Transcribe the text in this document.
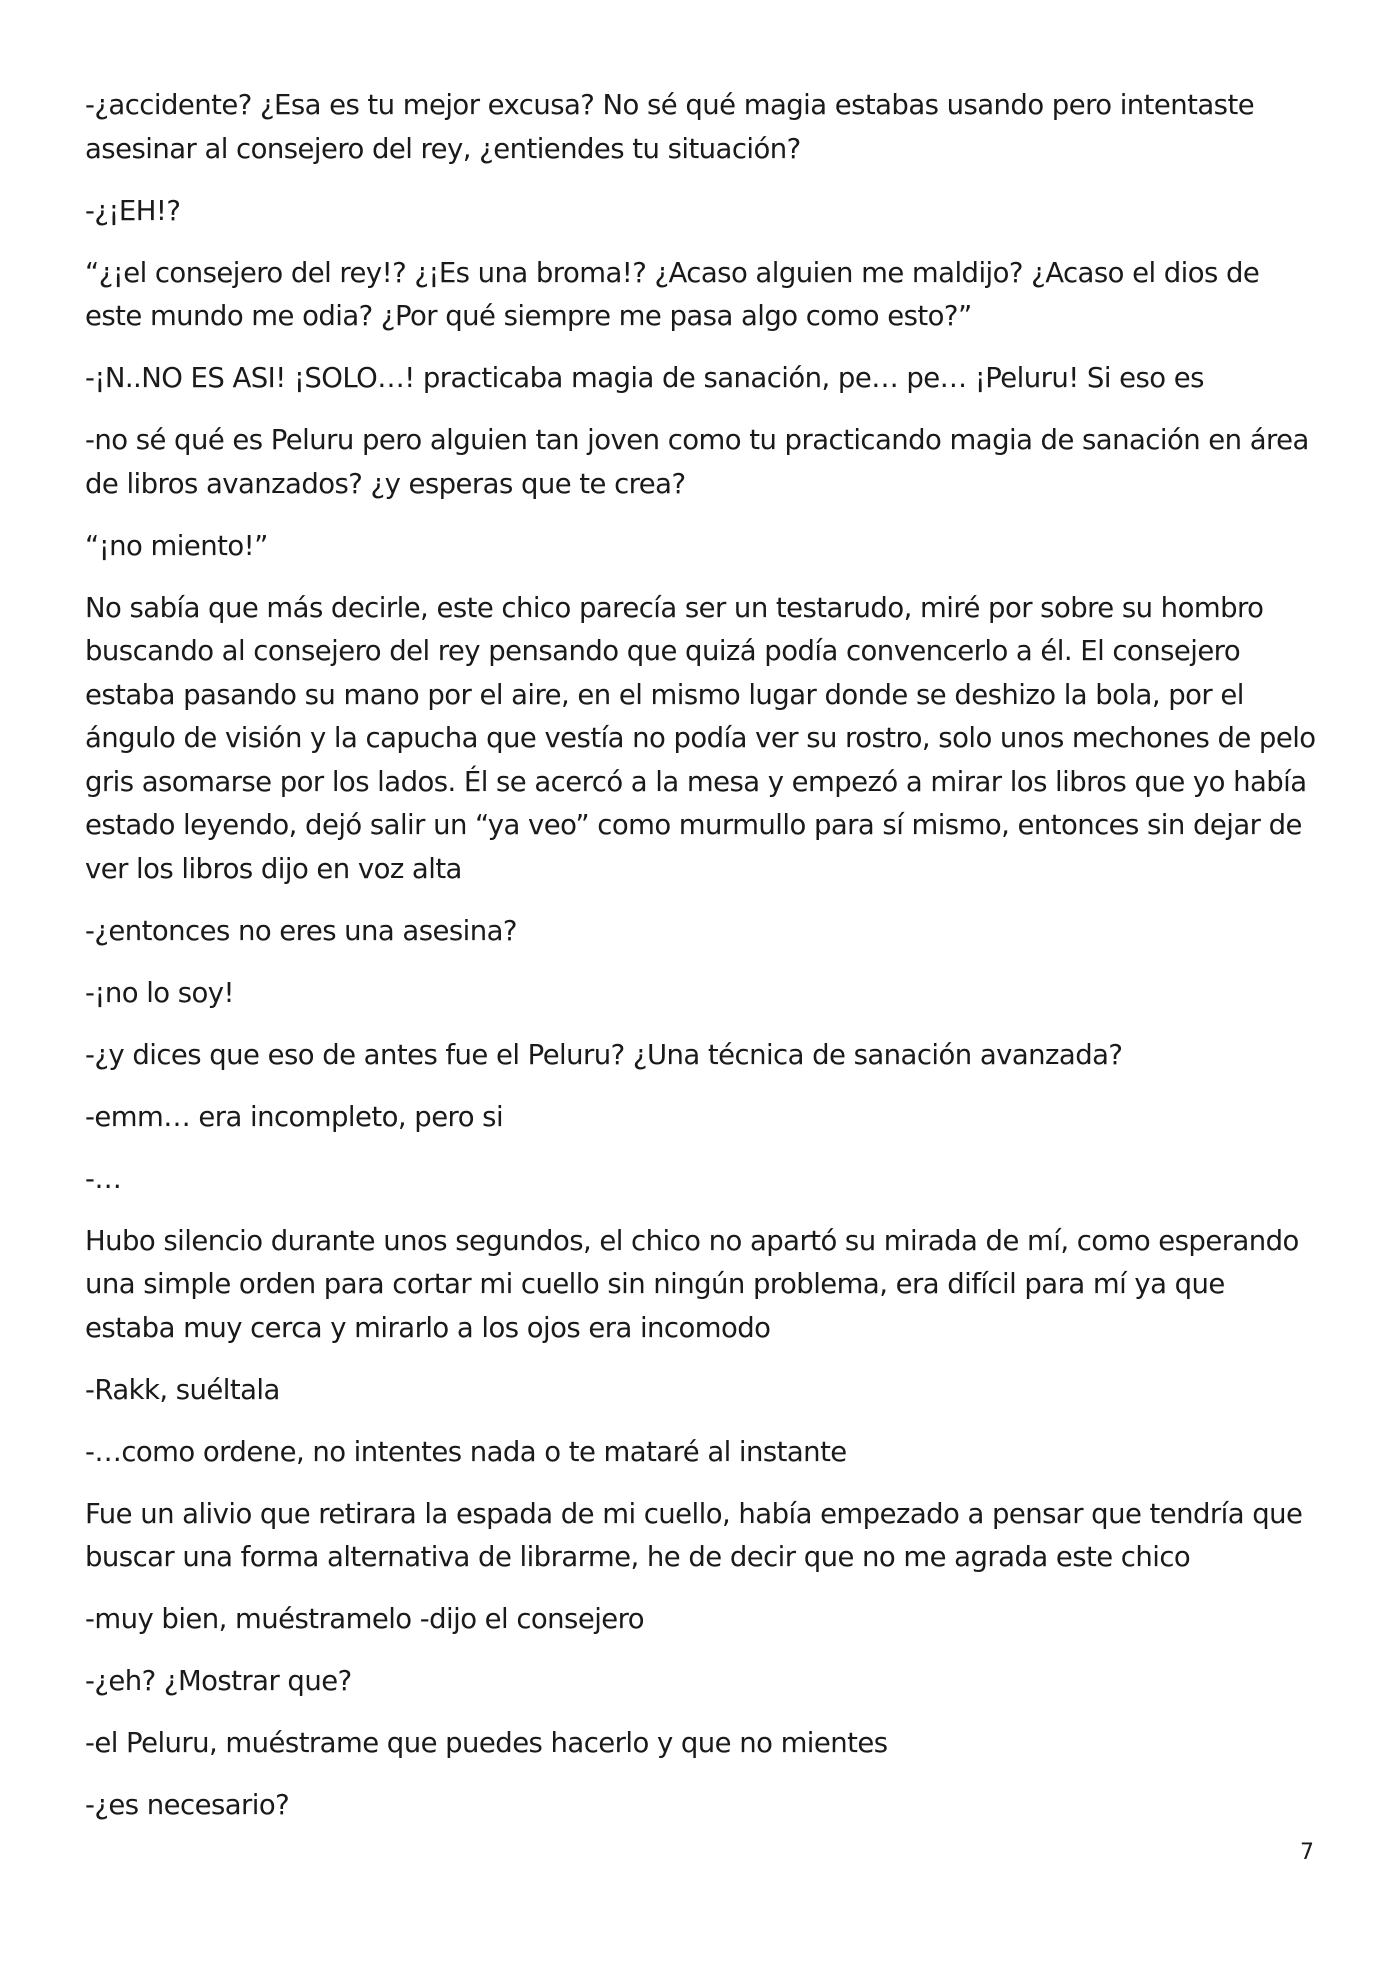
-¿accidente? ¿Esa es tu mejor excusa? No sé qué magia estabas usando pero intentaste asesinar al consejero del rey, ¿entiendes tu situación?

-¿¡EH!?

“¿¡el consejero del rey!? ¿¡Es una broma!? ¿Acaso alguien me maldijo? ¿Acaso el dios de este mundo me odia? ¿Por qué siempre me pasa algo como esto?”

-¡N..NO ES ASI! ¡SOLO…! practicaba magia de sanación, pe… pe… ¡Peluru! Si eso es

-no sé qué es Peluru pero alguien tan joven como tu practicando magia de sanación en área de libros avanzados? ¿y esperas que te crea?

“¡no miento!”

No sabía que más decirle, este chico parecía ser un testarudo, miré por sobre su hombro buscando al consejero del rey pensando que quizá podía convencerlo a él. El consejero estaba pasando su mano por el aire, en el mismo lugar donde se deshizo la bola, por el ángulo de visión y la capucha que vestía no podía ver su rostro, solo unos mechones de pelo gris asomarse por los lados. Él se acercó a la mesa y empezó a mirar los libros que yo había estado leyendo, dejó salir un “ya veo” como murmullo para sí mismo, entonces sin dejar de ver los libros dijo en voz alta

-¿entonces no eres una asesina?

-¡no lo soy!

-¿y dices que eso de antes fue el Peluru? ¿Una técnica de sanación avanzada?

-emm… era incompleto, pero si

-…

Hubo silencio durante unos segundos, el chico no apartó su mirada de mí, como esperando una simple orden para cortar mi cuello sin ningún problema, era difícil para mí ya que estaba muy cerca y mirarlo a los ojos era incomodo

-Rakk, suéltala

-…como ordene, no intentes nada o te mataré al instante

Fue un alivio que retirara la espada de mi cuello, había empezado a pensar que tendría que buscar una forma alternativa de librarme, he de decir que no me agrada este chico

-muy bien, muéstramelo -dijo el consejero

-¿eh? ¿Mostrar que?

-el Peluru, muéstrame que puedes hacerlo y que no mientes

-¿es necesario?

7
